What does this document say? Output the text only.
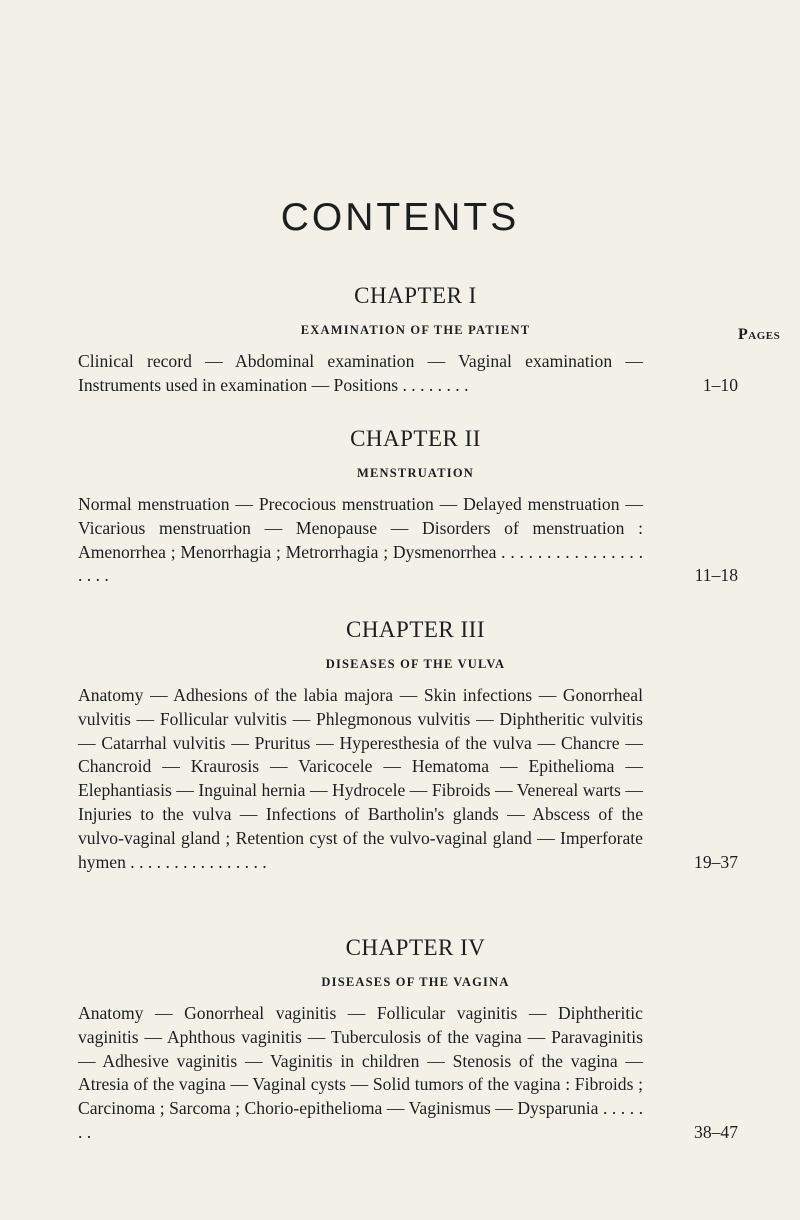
CONTENTS
Pages
CHAPTER I
EXAMINATION OF THE PATIENT
Clinical record — Abdominal examination — Vaginal examination — Instruments used in examination — Positions . . . . . . . .	1–10
CHAPTER II
MENSTRUATION
Normal menstruation — Precocious menstruation — Delayed menstruation — Vicarious menstruation — Menopause — Disorders of menstruation : Amenorrhea ; Menorrhagia ; Metrorrhagia ; Dysmenorrhea . . . . . . . . . . . . . . . . . . . .	11–18
CHAPTER III
DISEASES OF THE VULVA
Anatomy — Adhesions of the labia majora — Skin infections — Gonorrheal vulvitis — Follicular vulvitis — Phlegmonous vulvitis — Diphtheritic vulvitis — Catarrhal vulvitis — Pruritus — Hyperesthesia of the vulva — Chancre — Chancroid — Kraurosis — Varicocele — Hematoma — Epithelioma — Elephantiasis — Inguinal hernia — Hydrocele — Fibroids — Venereal warts — Injuries to the vulva — Infections of Bartholin's glands — Abscess of the vulvo-vaginal gland ; Retention cyst of the vulvo-vaginal gland — Imperforate hymen . . . . . . . . . . . . . . . .	19–37
CHAPTER IV
DISEASES OF THE VAGINA
Anatomy — Gonorrheal vaginitis — Follicular vaginitis — Diphtheritic vaginitis — Aphthous vaginitis — Tuberculosis of the vagina — Paravaginitis — Adhesive vaginitis — Vaginitis in children — Stenosis of the vagina — Atresia of the vagina — Vaginal cysts — Solid tumors of the vagina : Fibroids ; Carcinoma ; Sarcoma ; Chorio-epithelioma — Vaginismus — Dysparunia . . . . . . .	38–47
